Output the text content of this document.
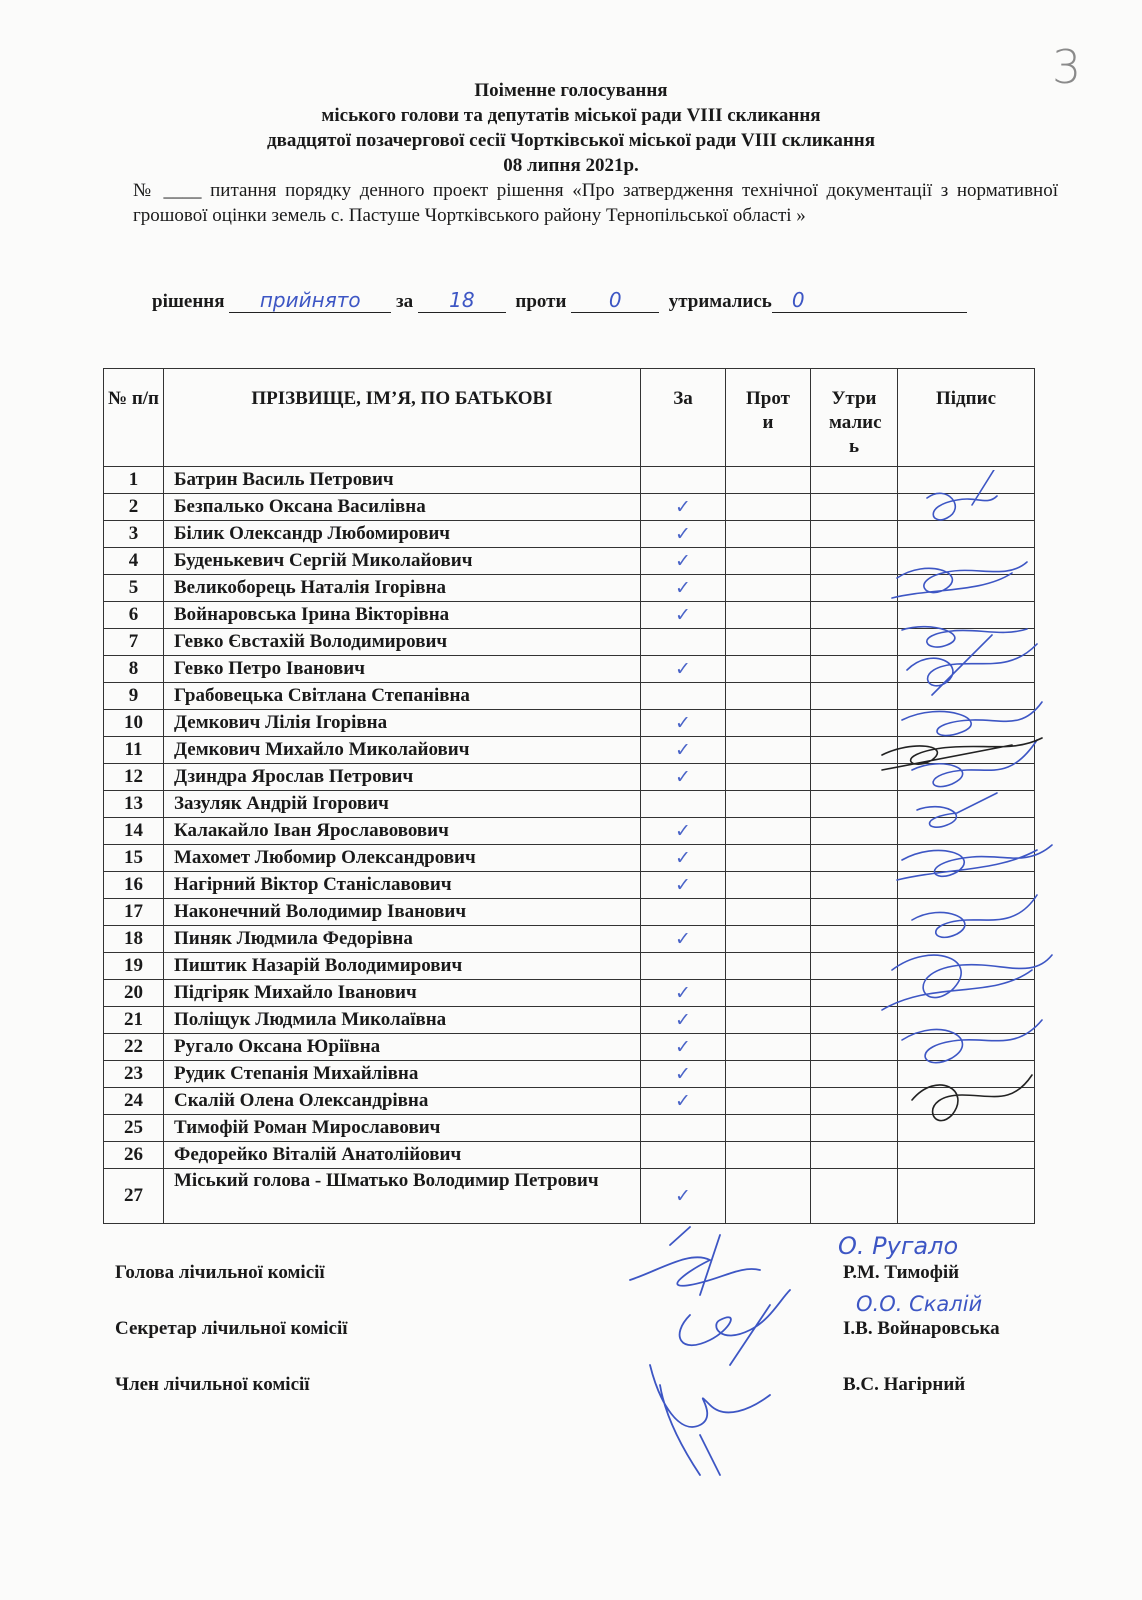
3
Поіменне голосування
міського голови та депутатів міської ради VIII скликання
двадцятої позачергової сесії Чортківської міської ради VIII скликання
08 липня 2021р.
№ ____ питання порядку денного проект рішення «Про затвердження технічної документації з нормативної грошової оцінки земель с. Пастуше Чортківського району Тернопільської області »
рішення прийнято за 18 проти 0 утримались 0
№ п/п	ПРІЗВИЩЕ, ІМ’Я, ПО БАТЬКОВІ	За	Прот и	Утри малис ь	Підпис
1	Батрин Василь Петрович				
2	Безпалько Оксана Василівна	✓			
3	Білик Олександр Любомирович	✓			
4	Буденькевич Сергій Миколайович	✓			
5	Великоборець Наталія Ігорівна	✓			
6	Войнаровська Ірина Вікторівна	✓			
7	Гевко Євстахій Володимирович				
8	Гевко Петро Іванович	✓			
9	Грабовецька Світлана Степанівна				
10	Демкович Лілія Ігорівна	✓			
11	Демкович Михайло Миколайович	✓			
12	Дзиндра Ярослав Петрович	✓			
13	Зазуляк Андрій Ігорович				
14	Калакайло Іван Ярославовович	✓			
15	Махомет Любомир Олександрович	✓			
16	Нагірний Віктор Станіславович	✓			
17	Наконечний Володимир Іванович				
18	Пиняк Людмила Федорівна	✓			
19	Пиштик Назарій Володимирович				
20	Підгіряк Михайло Іванович	✓			
21	Поліщук Людмила Миколаївна	✓			
22	Ругало Оксана Юріївна	✓			
23	Рудик Степанія Михайлівна	✓			
24	Скалій Олена Олександрівна	✓			
25	Тимофій Роман Мирославович				
26	Федорейко Віталій Анатолійович				
27	Міський голова - Шматько Володимир Петрович	✓			
Голова лічильної комісії
Секретар лічильної комісії
Член лічильної комісії
Р.М. Тимофій
І.В. Войнаровська
В.С. Нагірний
О. Ругало
О.О. Скалій
